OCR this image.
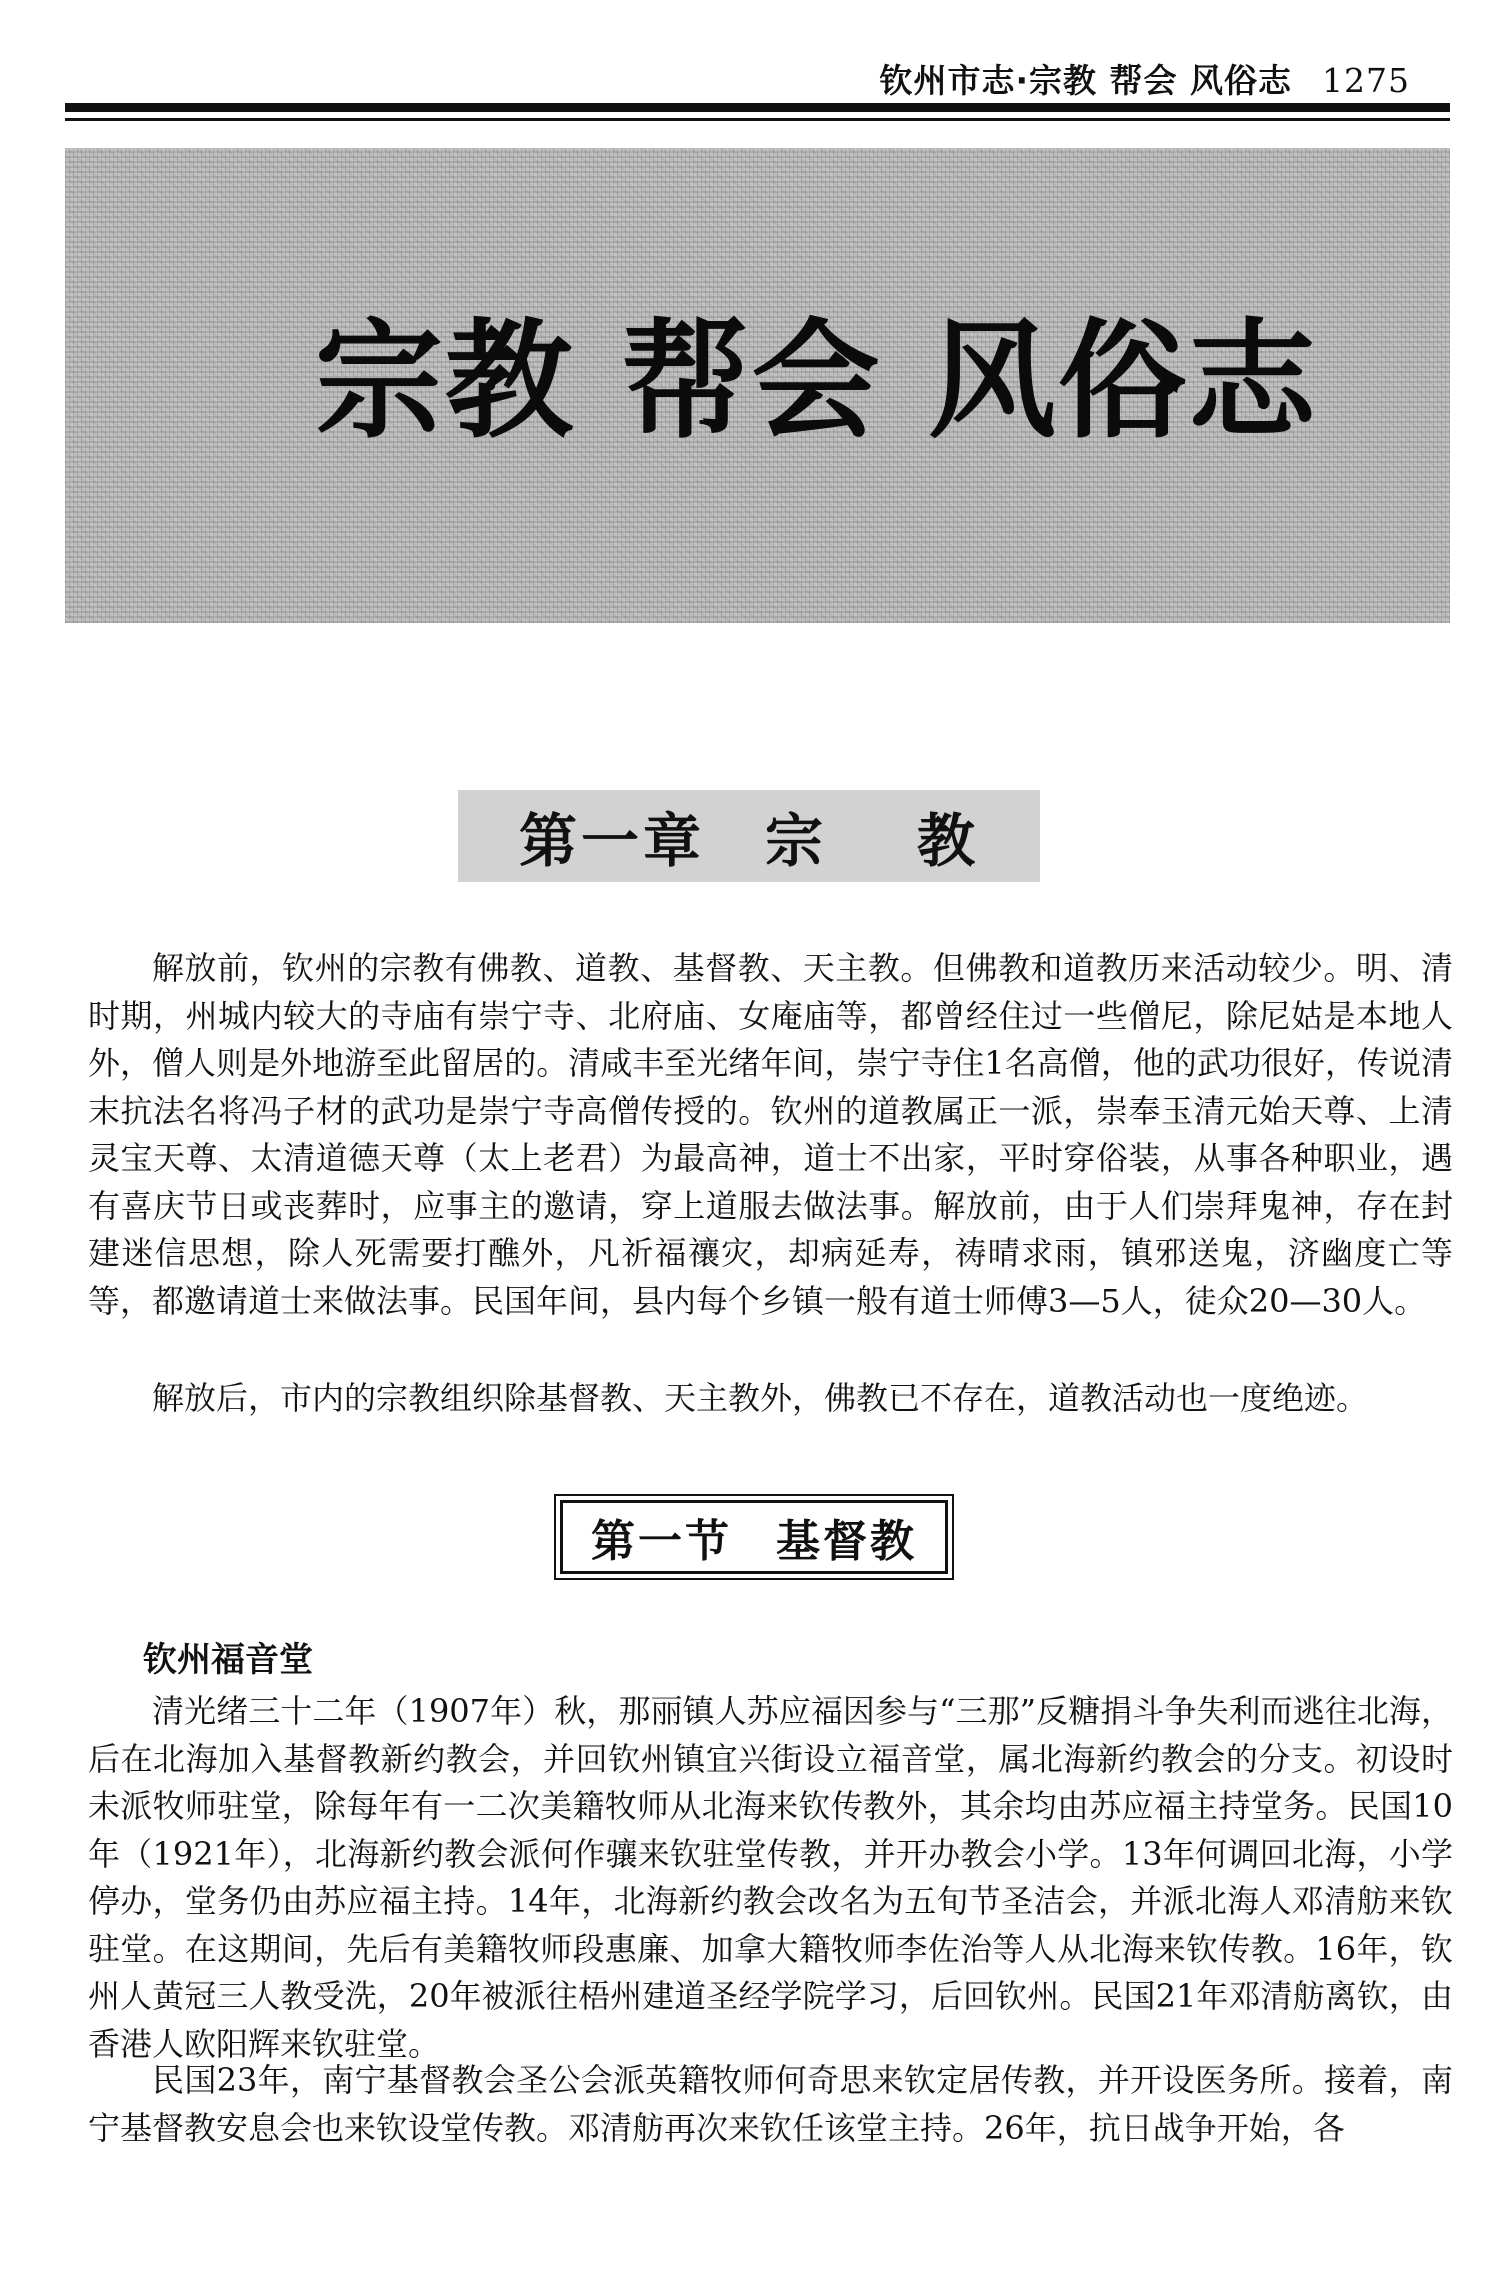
钦州市志·宗教 帮会 风俗志 1275
宗教 帮会 风俗志
第一章 宗 教

解放前，钦州的宗教有佛教、道教、基督教、天主教。但佛教和道教历来活动较少。明、清时期，州城内较大的寺庙有崇宁寺、北府庙、女庵庙等，都曾经住过一些僧尼，除尼姑是本地人外，僧人则是外地游至此留居的。清咸丰至光绪年间，崇宁寺住1名高僧，他的武功很好，传说清末抗法名将冯子材的武功是崇宁寺高僧传授的。钦州的道教属正一派，崇奉玉清元始天尊、上清灵宝天尊、太清道德天尊（太上老君）为最高神，道士不出家，平时穿俗装，从事各种职业，遇有喜庆节日或丧葬时，应事主的邀请，穿上道服去做法事。解放前，由于人们崇拜鬼神，存在封建迷信思想，除人死需要打醮外，凡祈福禳灾，却病延寿，祷晴求雨，镇邪送鬼，济幽度亡等等，都邀请道士来做法事。民国年间，县内每个乡镇一般有道士师傅3—5人，徒众20—30人。

解放后，市内的宗教组织除基督教、天主教外，佛教已不存在，道教活动也一度绝迹。

第一节 基督教
钦州福音堂

清光绪三十二年（1907年）秋，那丽镇人苏应福因参与“三那”反糖捐斗争失利而逃往北海，后在北海加入基督教新约教会，并回钦州镇宜兴街设立福音堂，属北海新约教会的分支。初设时未派牧师驻堂，除每年有一二次美籍牧师从北海来钦传教外，其余均由苏应福主持堂务。民国10年（1921年），北海新约教会派何作骧来钦驻堂传教，并开办教会小学。13年何调回北海，小学停办，堂务仍由苏应福主持。14年，北海新约教会改名为五旬节圣洁会，并派北海人邓清舫来钦驻堂。在这期间，先后有美籍牧师段惠廉、加拿大籍牧师李佐治等人从北海来钦传教。16年，钦州人黄冠三人教受洗，20年被派往梧州建道圣经学院学习，后回钦州。民国21年邓清舫离钦，由香港人欧阳辉来钦驻堂。

民国23年，南宁基督教会圣公会派英籍牧师何奇思来钦定居传教，并开设医务所。接着，南宁基督教安息会也来钦设堂传教。邓清舫再次来钦任该堂主持。26年，抗日战争开始，各
